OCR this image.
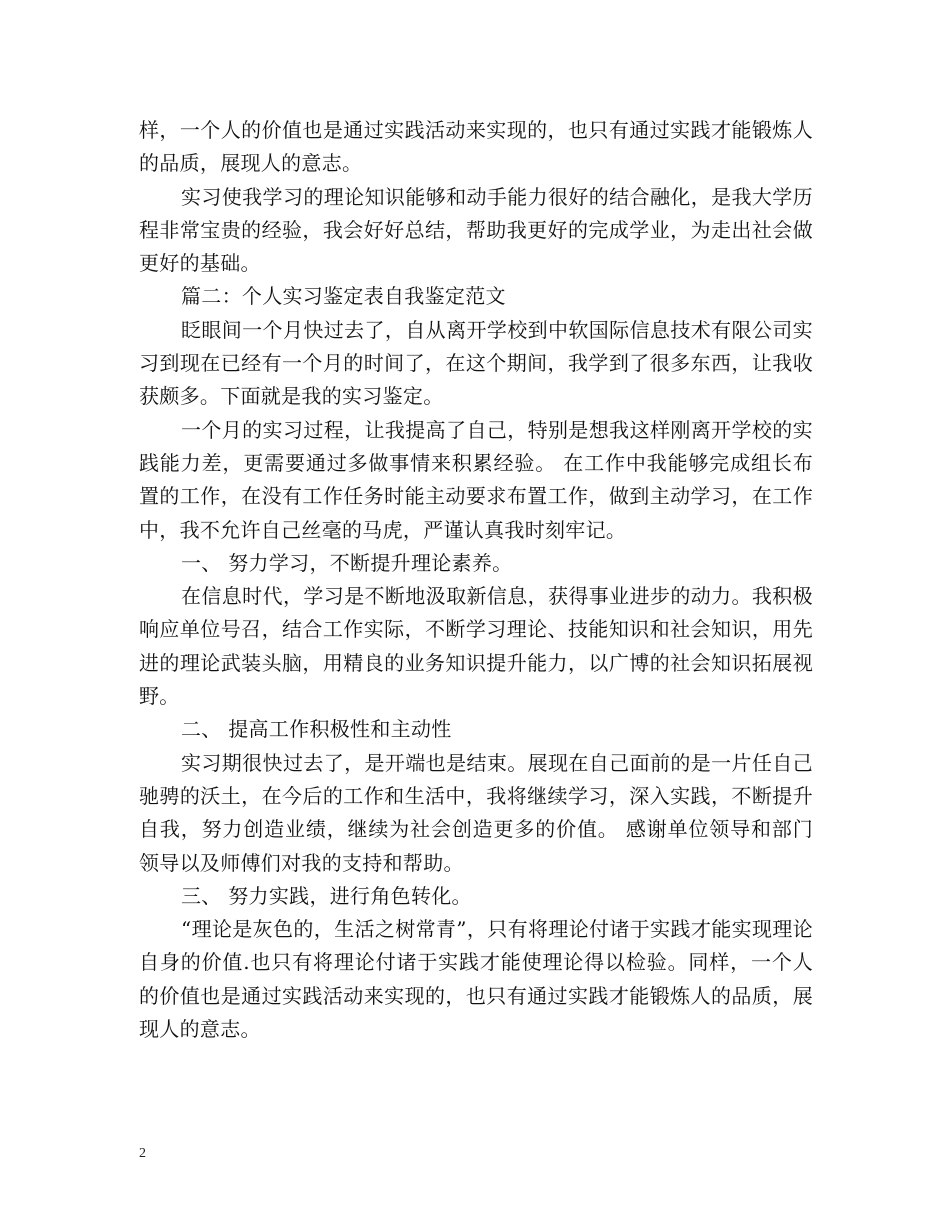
样，一个人的价值也是通过实践活动来实现的，也只有通过实践才能锻炼人的品质，展现人的意志。

实习使我学习的理论知识能够和动手能力很好的结合融化，是我大学历程非常宝贵的经验，我会好好总结，帮助我更好的完成学业，为走出社会做更好的基础。

篇二：个人实习鉴定表自我鉴定范文

眨眼间一个月快过去了，自从离开学校到中软国际信息技术有限公司实习到现在已经有一个月的时间了，在这个期间，我学到了很多东西，让我收获颇多。下面就是我的实习鉴定。

一个月的实习过程，让我提高了自己，特别是想我这样刚离开学校的实践能力差，更需要通过多做事情来积累经验。 在工作中我能够完成组长布置的工作，在没有工作任务时能主动要求布置工作，做到主动学习，在工作中，我不允许自己丝毫的马虎，严谨认真我时刻牢记。

一、 努力学习，不断提升理论素养。

在信息时代，学习是不断地汲取新信息，获得事业进步的动力。我积极响应单位号召，结合工作实际，不断学习理论、技能知识和社会知识，用先进的理论武装头脑，用精良的业务知识提升能力，以广博的社会知识拓展视野。

二、 提高工作积极性和主动性

实习期很快过去了，是开端也是结束。展现在自己面前的是一片任自己驰骋的沃土，在今后的工作和生活中，我将继续学习，深入实践，不断提升自我，努力创造业绩，继续为社会创造更多的价值。 感谢单位领导和部门领导以及师傅们对我的支持和帮助。

三、 努力实践，进行角色转化。

“理论是灰色的，生活之树常青”，只有将理论付诸于实践才能实现理论自身的价值.也只有将理论付诸于实践才能使理论得以检验。同样，一个人的价值也是通过实践活动来实现的，也只有通过实践才能锻炼人的品质，展现人的意志。

2
